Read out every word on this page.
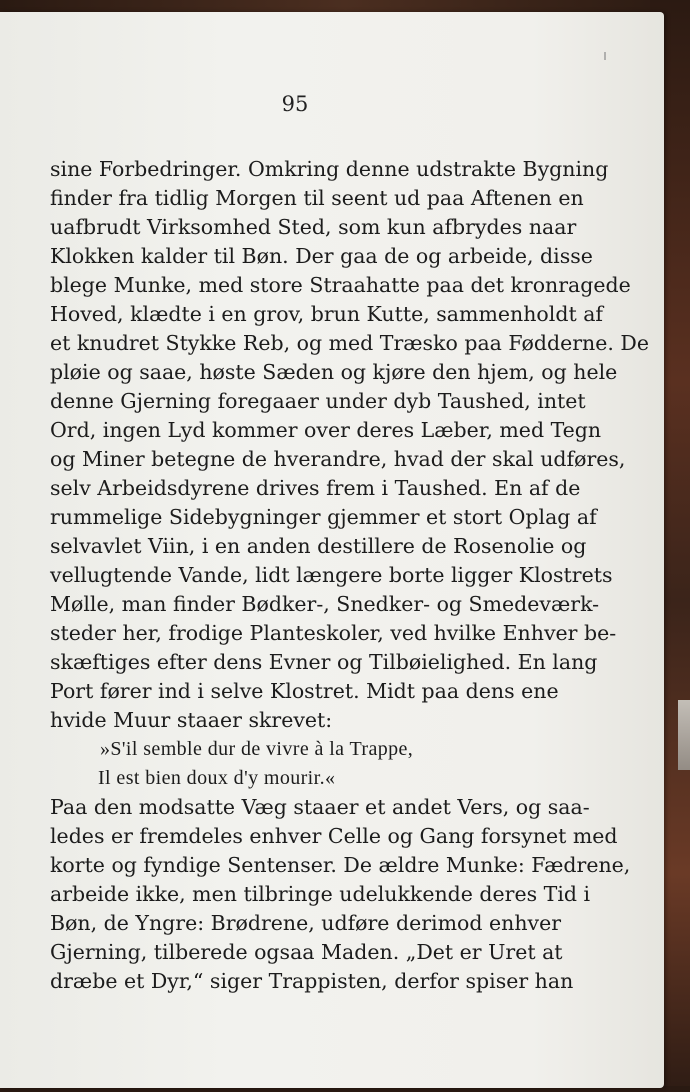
95
sine Forbedringer. Omkring denne udstrakte Bygning
finder fra tidlig Morgen til seent ud paa Aftenen en
uafbrudt Virksomhed Sted, som kun afbrydes naar
Klokken kalder til Bøn. Der gaa de og arbeide, disse
blege Munke, med store Straahatte paa det kronragede
Hoved, klædte i en grov, brun Kutte, sammenholdt af
et knudret Stykke Reb, og med Træsko paa Fødderne. De
pløie og saae, høste Sæden og kjøre den hjem, og hele
denne Gjerning foregaaer under dyb Taushed, intet
Ord, ingen Lyd kommer over deres Læber, med Tegn
og Miner betegne de hverandre, hvad der skal udføres,
selv Arbeidsdyrene drives frem i Taushed. En af de
rummelige Sidebygninger gjemmer et stort Oplag af
selvavlet Viin, i en anden destillere de Rosenolie og
vellugtende Vande, lidt længere borte ligger Klostrets
Mølle, man finder Bødker-, Snedker- og Smedeværk-
steder her, frodige Planteskoler, ved hvilke Enhver be-
skæftiges efter dens Evner og Tilbøielighed. En lang
Port fører ind i selve Klostret. Midt paa dens ene
hvide Muur staaer skrevet:
»S'il semble dur de vivre à la Trappe,
Il est bien doux d'y mourir.«
Paa den modsatte Væg staaer et andet Vers, og saa-
ledes er fremdeles enhver Celle og Gang forsynet med
korte og fyndige Sentenser. De ældre Munke: Fædrene,
arbeide ikke, men tilbringe udelukkende deres Tid i
Bøn, de Yngre: Brødrene, udføre derimod enhver
Gjerning, tilberede ogsaa Maden. „Det er Uret at
dræbe et Dyr,“ siger Trappisten, derfor spiser han
